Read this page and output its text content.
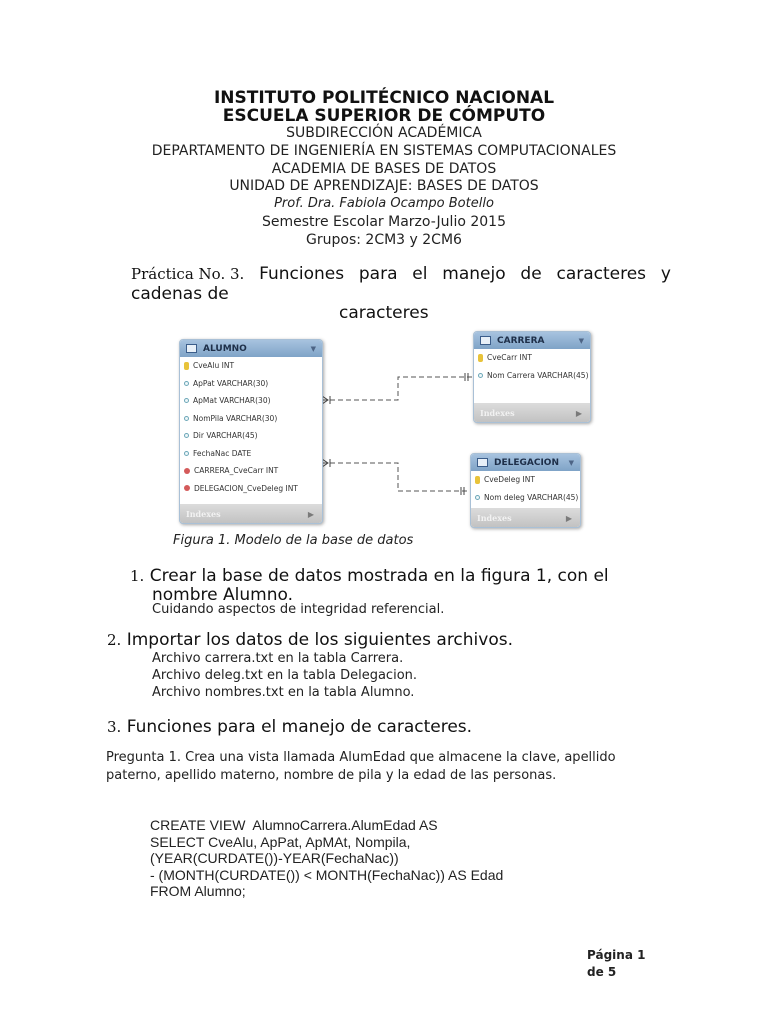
INSTITUTO POLITÉCNICO NACIONAL
ESCUELA SUPERIOR DE CÓMPUTO
SUBDIRECCIÓN ACADÉMICA
DEPARTAMENTO DE INGENIERÍA EN SISTEMAS COMPUTACIONALES
ACADEMIA DE BASES DE DATOS
UNIDAD DE APRENDIZAJE: BASES DE DATOS
Prof. Dra. Fabiola Ocampo Botello
Semestre Escolar Marzo-Julio 2015
Grupos: 2CM3 y 2CM6
Práctica No. 3. Funciones para el manejo de caracteres y
cadenas de
caracteres
ALUMNO	▼
CveAlu INT
ApPat VARCHAR(30)
ApMat VARCHAR(30)
NomPila VARCHAR(30)
Dir VARCHAR(45)
FechaNac DATE
CARRERA_CveCarr INT
DELEGACION_CveDeleg INT
Indexes	▶
CARRERA	▼
CveCarr INT
Nom Carrera VARCHAR(45)
Indexes	▶
DELEGACION	▼
CveDeleg INT
Nom deleg VARCHAR(45)
Indexes	▶
Figura 1. Modelo de la base de datos
1. Crear la base de datos mostrada en la figura 1, con el
nombre Alumno.
Cuidando aspectos de integridad referencial.
2. Importar los datos de los siguientes archivos.
Archivo carrera.txt en la tabla Carrera.
Archivo deleg.txt en la tabla Delegacion.
Archivo nombres.txt en la tabla Alumno.
3. Funciones para el manejo de caracteres.
Pregunta 1. Crea una vista llamada AlumEdad que almacene la clave, apellido paterno, apellido materno, nombre de pila y la edad de las personas.
CREATE VIEW  AlumnoCarrera.AlumEdad AS
SELECT CveAlu, ApPat, ApMAt, Nompila,
(YEAR(CURDATE())-YEAR(FechaNac))
- (MONTH(CURDATE()) < MONTH(FechaNac)) AS Edad
FROM Alumno;
Página 1
de 5
